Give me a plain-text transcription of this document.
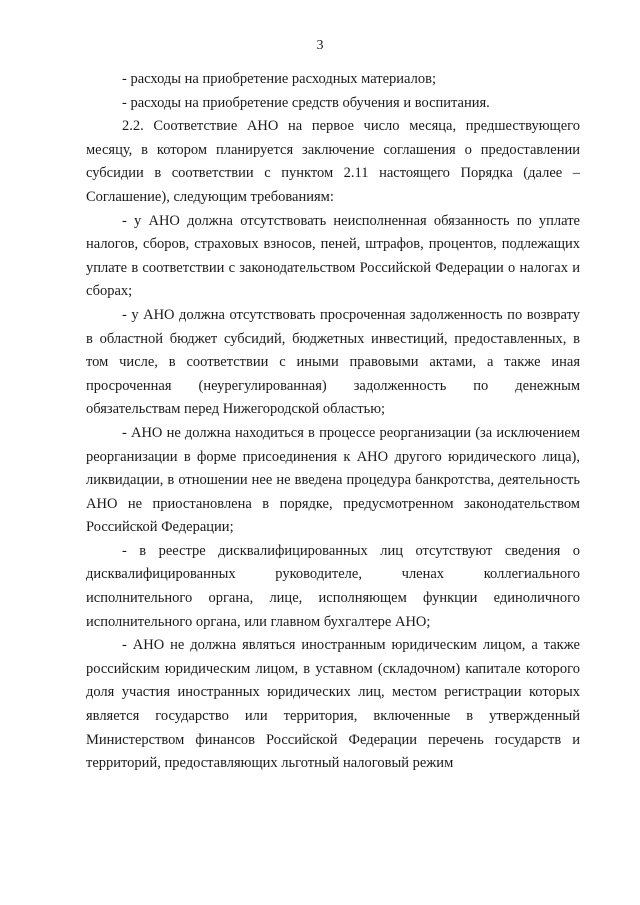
3

- расходы на приобретение расходных материалов;

- расходы на приобретение средств обучения и воспитания.

2.2. Соответствие АНО на первое число месяца, предшествующего месяцу, в котором планируется заключение соглашения о предоставлении субсидии в соответствии с пунктом 2.11 настоящего Порядка (далее – Соглашение), следующим требованиям:

- у АНО должна отсутствовать неисполненная обязанность по уплате налогов, сборов, страховых взносов, пеней, штрафов, процентов, подлежащих уплате в соответствии с законодательством Российской Федерации о налогах и сборах;

- у АНО должна отсутствовать просроченная задолженность по возврату в областной бюджет субсидий, бюджетных инвестиций, предоставленных, в том числе, в соответствии с иными правовыми актами, а также иная просроченная (неурегулированная) задолженность по денежным обязательствам перед Нижегородской областью;

- АНО не должна находиться в процессе реорганизации (за исключением реорганизации в форме присоединения к АНО другого юридического лица), ликвидации, в отношении нее не введена процедура банкротства, деятельность АНО не приостановлена в порядке, предусмотренном законодательством Российской Федерации;

- в реестре дисквалифицированных лиц отсутствуют сведения о дисквалифицированных руководителе, членах коллегиального исполнительного органа, лице, исполняющем функции единоличного исполнительного органа, или главном бухгалтере АНО;

- АНО не должна являться иностранным юридическим лицом, а также российским юридическим лицом, в уставном (складочном) капитале которого доля участия иностранных юридических лиц, местом регистрации которых является государство или территория, включенные в утвержденный Министерством финансов Российской Федерации перечень государств и территорий, предоставляющих льготный налоговый режим
